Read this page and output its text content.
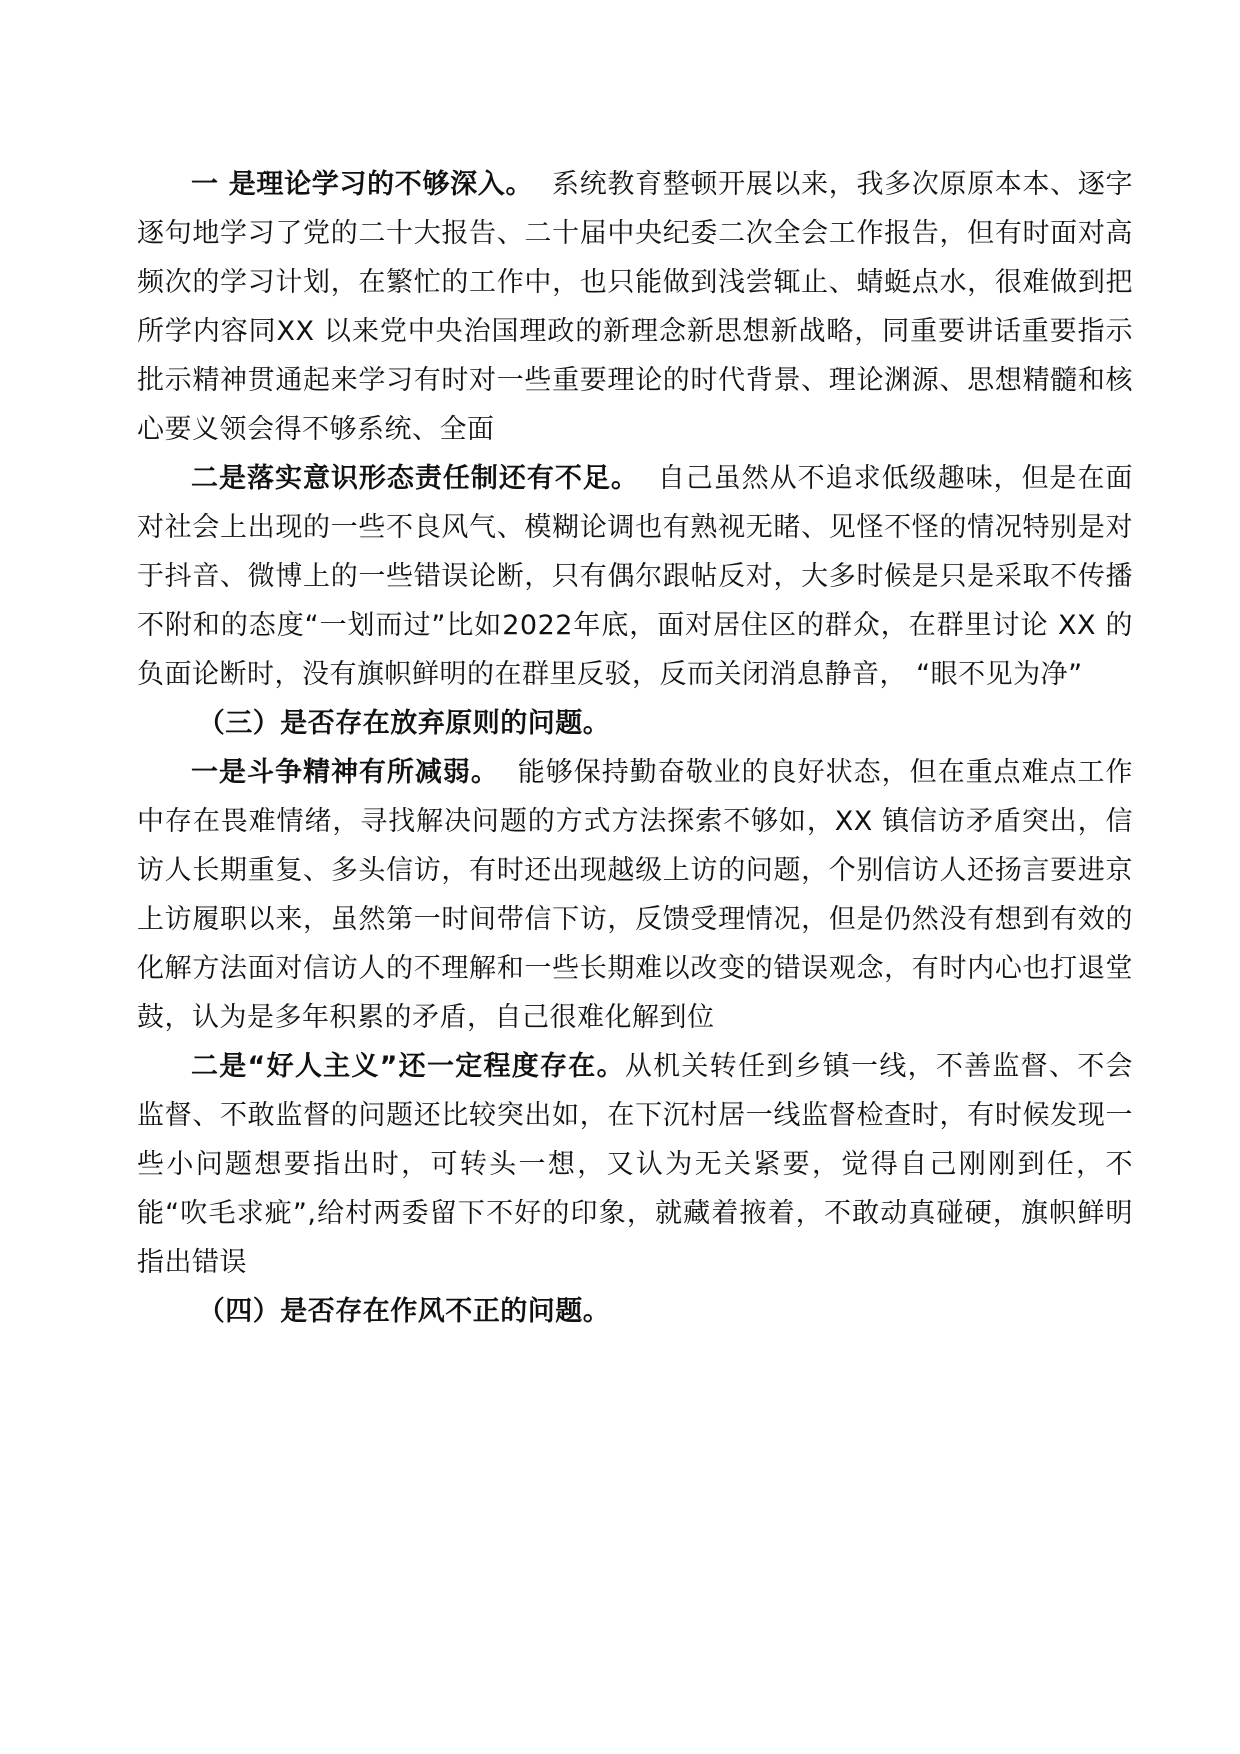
一 是理论学习的不够深入。 系统教育整顿开展以来，我多次原原本本、逐字逐句地学习了党的二十大报告、二十届中央纪委二次全会工作报告，但有时面对高频次的学习计划，在繁忙的工作中，也只能做到浅尝辄止、蜻蜓点水，很难做到把所学内容同XX 以来党中央治国理政的新理念新思想新战略，同重要讲话重要指示批示精神贯通起来学习有时对一些重要理论的时代背景、理论渊源、思想精髓和核心要义领会得不够系统、全面

二是落实意识形态责任制还有不足。 自己虽然从不追求低级趣味，但是在面对社会上出现的一些不良风气、模糊论调也有熟视无睹、见怪不怪的情况特别是对于抖音、微博上的一些错误论断，只有偶尔跟帖反对，大多时候是只是采取不传播不附和的态度“一划而过”比如2022年底，面对居住区的群众，在群里讨论 XX 的负面论断时，没有旗帜鲜明的在群里反驳，反而关闭消息静音， “眼不见为净”

（三）是否存在放弃原则的问题。

一是斗争精神有所减弱。 能够保持勤奋敬业的良好状态，但在重点难点工作中存在畏难情绪，寻找解决问题的方式方法探索不够如，XX 镇信访矛盾突出，信访人长期重复、多头信访，有时还出现越级上访的问题，个别信访人还扬言要进京上访履职以来，虽然第一时间带信下访，反馈受理情况，但是仍然没有想到有效的化解方法面对信访人的不理解和一些长期难以改变的错误观念，有时内心也打退堂鼓，认为是多年积累的矛盾，自己很难化解到位

二是“好人主义”还一定程度存在。从机关转任到乡镇一线，不善监督、不会监督、不敢监督的问题还比较突出如，在下沉村居一线监督检查时，有时候发现一些小问题想要指出时，可转头一想，又认为无关紧要，觉得自己刚刚到任，不能“吹毛求疵”,给村两委留下不好的印象，就藏着掖着，不敢动真碰硬，旗帜鲜明指出错误

（四）是否存在作风不正的问题。
